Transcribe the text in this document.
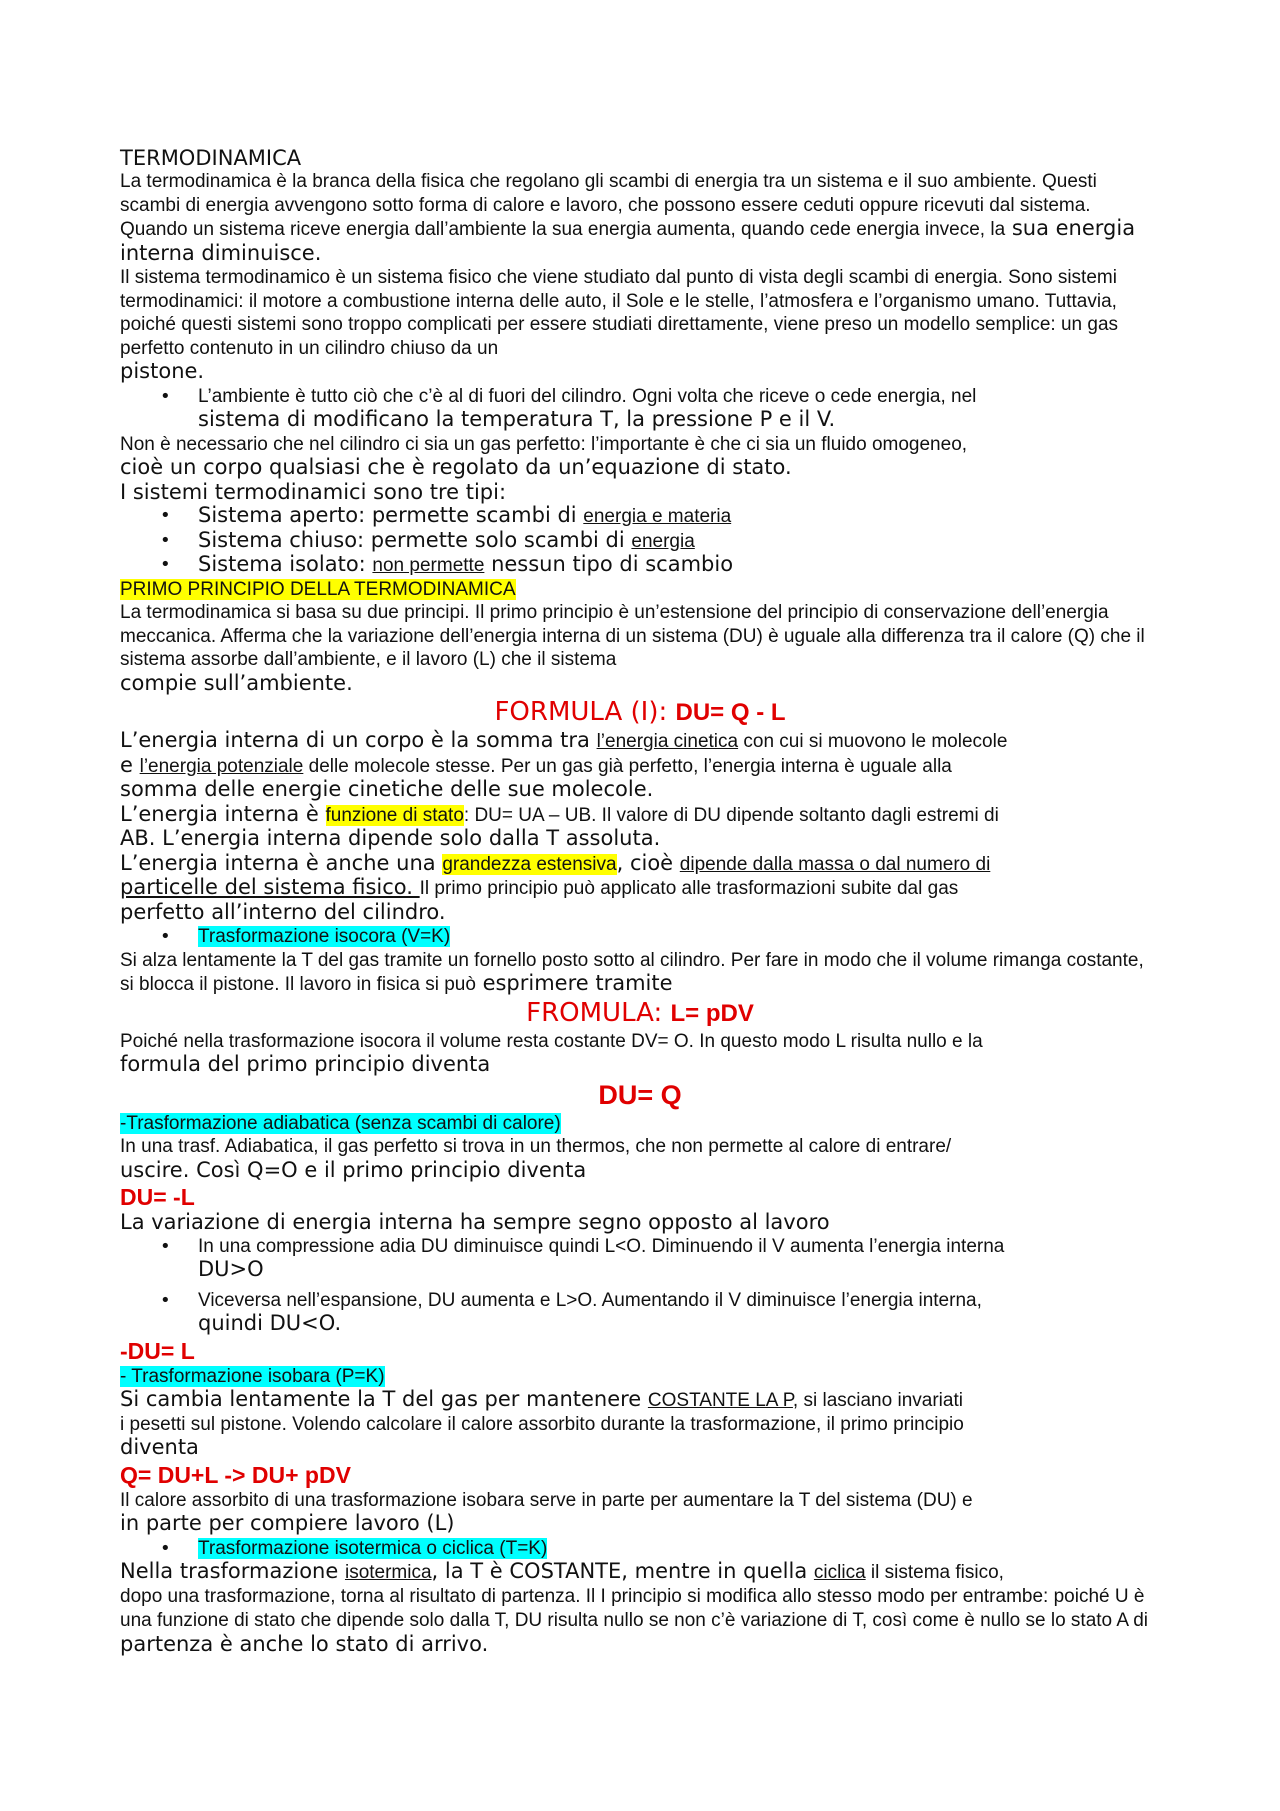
TERMODINAMICA

La termodinamica è la branca della fisica che regolano gli scambi di energia tra un sistema e il suo ambiente. Questi scambi di energia avvengono sotto forma di calore e lavoro, che possono essere ceduti oppure ricevuti dal sistema. Quando un sistema riceve energia dall’ambiente la sua energia aumenta, quando cede energia invece, la sua energia interna diminuisce.

Il sistema termodinamico è un sistema fisico che viene studiato dal punto di vista degli scambi di energia. Sono sistemi termodinamici: il motore a combustione interna delle auto, il Sole e le stelle, l’atmosfera e l’organismo umano. Tuttavia, poiché questi sistemi sono troppo complicati per essere studiati direttamente, viene preso un modello semplice: un gas perfetto contenuto in un cilindro chiuso da un
pistone.

• L’ambiente è tutto ciò che c’è al di fuori del cilindro. Ogni volta che riceve o cede energia, nel
sistema di modificano la temperatura T, la pressione P e il V.

Non è necessario che nel cilindro ci sia un gas perfetto: l’importante è che ci sia un fluido omogeneo,
cioè un corpo qualsiasi che è regolato da un’equazione di stato.

I sistemi termodinamici sono tre tipi:

• Sistema aperto: permette scambi di energia e materia
• Sistema chiuso: permette solo scambi di energia
• Sistema isolato: non permette nessun tipo di scambio

PRIMO PRINCIPIO DELLA TERMODINAMICA

La termodinamica si basa su due principi. Il primo principio è un’estensione del principio di conservazione dell’energia meccanica. Afferma che la variazione dell’energia interna di un sistema (DU) è uguale alla differenza tra il calore (Q) che il sistema assorbe dall’ambiente, e il lavoro (L) che il sistema
compie sull’ambiente.

FORMULA (I): DU= Q - L

L’energia interna di un corpo è la somma tra l’energia cinetica con cui si muovono le molecole
e l’energia potenziale delle molecole stesse. Per un gas già perfetto, l’energia interna è uguale alla
somma delle energie cinetiche delle sue molecole.

L’energia interna è funzione di stato: DU= UA – UB. Il valore di DU dipende soltanto dagli estremi di
AB. L’energia interna dipende solo dalla T assoluta.

L’energia interna è anche una grandezza estensiva, cioè dipende dalla massa o dal numero di
particelle del sistema fisico. Il primo principio può applicato alle trasformazioni subite dal gas
perfetto all’interno del cilindro.

• Trasformazione isocora (V=K)

Si alza lentamente la T del gas tramite un fornello posto sotto al cilindro. Per fare in modo che il volume rimanga costante, si blocca il pistone. Il lavoro in fisica si può esprimere tramite

FROMULA: L= pDV

Poiché nella trasformazione isocora il volume resta costante DV= O. In questo modo L risulta nullo e la
formula del primo principio diventa

DU= Q

-Trasformazione adiabatica (senza scambi di calore)

In una trasf. Adiabatica, il gas perfetto si trova in un thermos, che non permette al calore di entrare/
uscire. Così Q=O e il primo principio diventa

DU= -L

La variazione di energia interna ha sempre segno opposto al lavoro

• In una compressione adia DU diminuisce quindi L<O. Diminuendo il V aumenta l’energia interna
DU>O
• Viceversa nell’espansione, DU aumenta e L>O. Aumentando il V diminuisce l’energia interna,
quindi DU<O.

-DU= L

- Trasformazione isobara (P=K)

Si cambia lentamente la T del gas per mantenere COSTANTE LA P, si lasciano invariati
i pesetti sul pistone. Volendo calcolare il calore assorbito durante la trasformazione, il primo principio
diventa

Q= DU+L -> DU+ pDV

Il calore assorbito di una trasformazione isobara serve in parte per aumentare la T del sistema (DU) e
in parte per compiere lavoro (L)

• Trasformazione isotermica o ciclica (T=K)

Nella trasformazione isotermica, la T è COSTANTE, mentre in quella ciclica il sistema fisico,
dopo una trasformazione, torna al risultato di partenza. Il I principio si modifica allo stesso modo per entrambe: poiché U è una funzione di stato che dipende solo dalla T, DU risulta nullo se non c’è variazione di T, così come è nullo se lo stato A di partenza è anche lo stato di arrivo.
